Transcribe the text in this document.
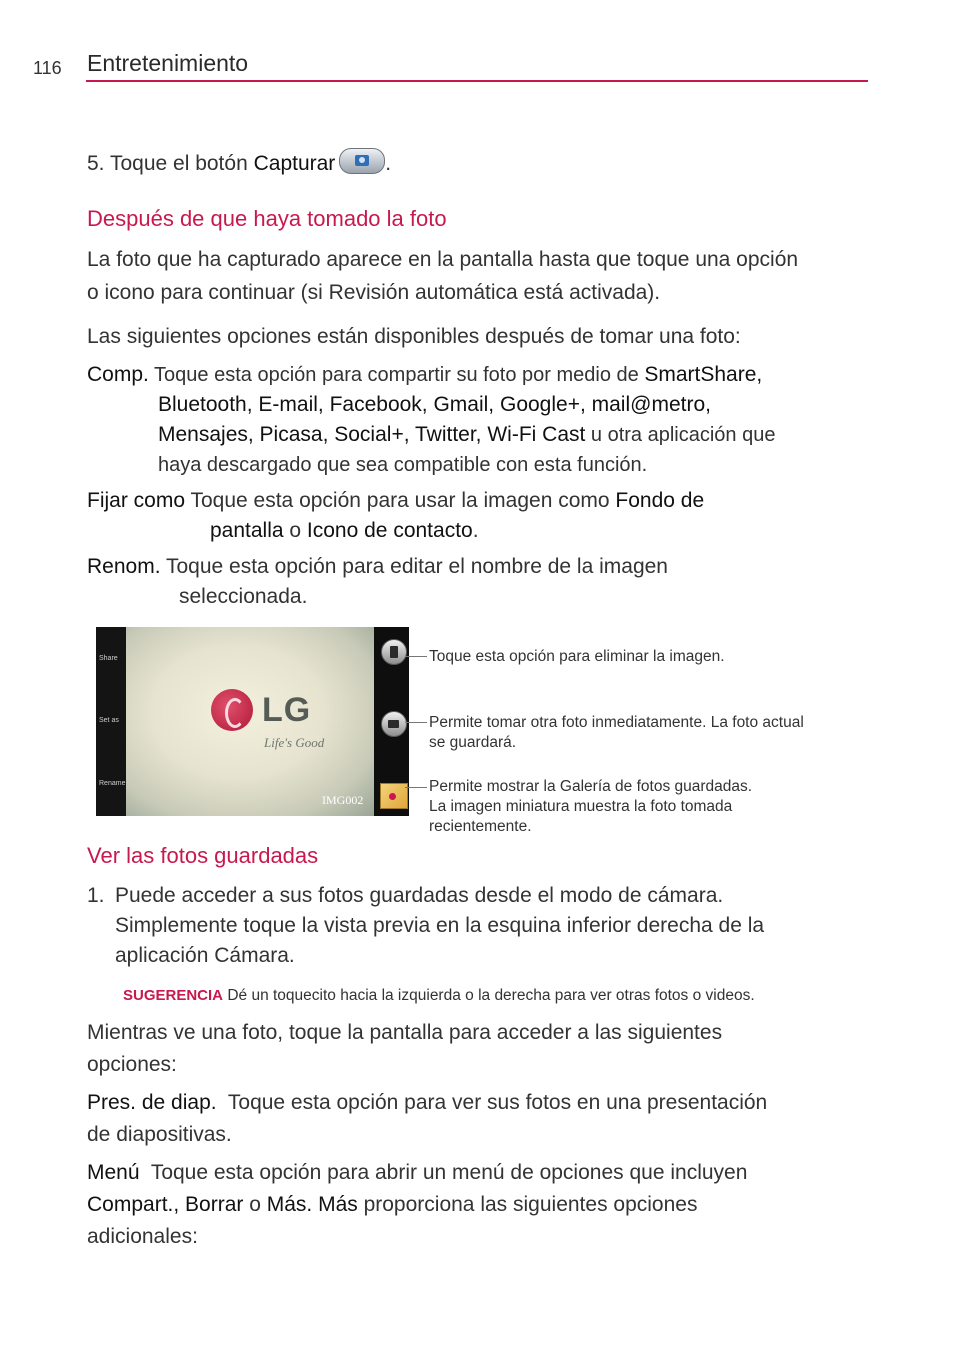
116 Entretenimiento
5. Toque el botón Capturar .
Después de que haya tomado la foto
La foto que ha capturado aparece en la pantalla hasta que toque una opción
o icono para continuar (si Revisión automática está activada).
Las siguientes opciones están disponibles después de tomar una foto:
Comp. Toque esta opción para compartir su foto por medio de SmartShare,
Bluetooth, E-mail, Facebook, Gmail, Google+, mail@metro,
Mensajes, Picasa, Social+, Twitter, Wi-Fi Cast u otra aplicación que
haya descargado que sea compatible con esta función.
Fijar como Toque esta opción para usar la imagen como Fondo de
pantalla o Icono de contacto.
Renom. Toque esta opción para editar el nombre de la imagen
seleccionada.
Share
Set as
Rename
LG
Life's Good
IMG002
Toque esta opción para eliminar la imagen.
Permite tomar otra foto inmediatamente. La foto actual
se guardará.
Permite mostrar la Galería de fotos guardadas.
La imagen miniatura muestra la foto tomada
recientemente.
Ver las fotos guardadas
1. Puede acceder a sus fotos guardadas desde el modo de cámara.
Simplemente toque la vista previa en la esquina inferior derecha de la
aplicación Cámara.
SUGERENCIA Dé un toquecito hacia la izquierda o la derecha para ver otras fotos o videos.
Mientras ve una foto, toque la pantalla para acceder a las siguientes
opciones:
Pres. de diap.  Toque esta opción para ver sus fotos en una presentación
de diapositivas.
Menú  Toque esta opción para abrir un menú de opciones que incluyen
Compart., Borrar o Más. Más proporciona las siguientes opciones
adicionales:
